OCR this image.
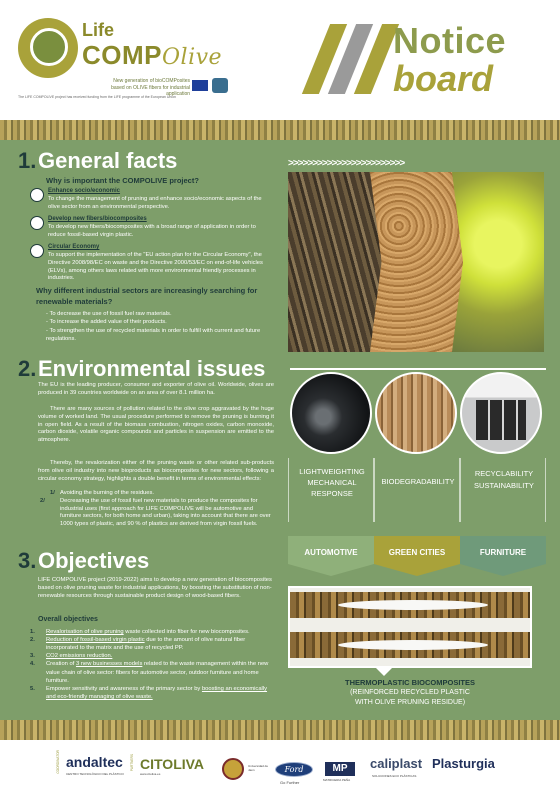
Life
COMPOlive
New generation of bioCOMPosites based on OLIVE fibers for industrial application
The LIFE COMPOLIVE project has received funding from the LIFE programme of the European Union
Notice
board
1. General facts
Why is important the COMPOLIVE project?
Enhance socio/economic
To change the management of pruning and enhance socio/economic aspects of the olive sector from an environmental perspective.
Develop new fibers/biocomposites
To develop new fibers/biocomposites with a broad range of application in order to reduce fossil-based virgin plastic.
Circular Economy
To support the implementation of the "EU action plan for the Circular Economy", the Directive 2008/98/EC on waste and the Directive 2000/53/EC on end-of-life vehicles (ELVs), among others laws related with more environmental friendly processes in industries.
Why different industrial sectors are increasingly searching for renewable materials?
- To decrease the use of fossil fuel raw materials.
- To increase the added value of their products.
- To strengthen the use of recycled materials in order to fulfill with current and future regulations.
>>>>>>>>>>>>>>>>>>>>>>>>
2. Environmental issues
The EU is the leading producer, consumer and exporter of olive oil. Worldwide, olives are produced in 39 countries worldwide on an area of over 8.1 million ha.
There are many sources of pollution related to the olive crop aggravated by the huge volume of worked land. The usual procedure performed to remove the pruning is burning it in open field. As a result of the biomass combustion, nitrogen oxides, carbon monoxide, carbon dioxide, volatile organic compounds and particles in suspension are emitted to the atmosphere.
Thereby, the revalorization either of the pruning waste or other related sub-products from olive oil industry into new bioproducts as biocomposites for new sectors, following a circular economy strategy, highlights a double benefit in terms of environmental effects:
1/ Avoiding the burning of the residues.
2/	Decreasing the use of fossil fuel new materials to produce the composites for industrial uses (first approach for LIFE COMPOLIVE will be automotive and furniture sectors, for both home and urban), taking into account that there are over 1000 types of plastic, and 90 % of plastics are derived from virgin fossil fuels.
LIGHTWEIGHTING
MECHANICAL
RESPONSE
BIODEGRADABILITY
RECYCLABILITY
SUSTAINABILITY
AUTOMOTIVE	GREEN CITIES	FURNITURE
3. Objectives
LIFE COMPOLIVE project (2019-2022) aims to develop a new generation of biocomposites based on olive pruning waste for industrial applications, by boosting the substitution of non-renewable resources through sustainable product design of wood-based fibers.
Overall objectives
1. Revalorisation of olive pruning waste collected into fiber for new biocomposites.
2. Reduction of fossil-based virgin plastic due to the amount of olive natural fiber incorporated to the matrix and the use of recycled PP.
3. CO2 emissions reduction.
4. Creation of 3 new businesses models related to the waste management within the new value chain of olive sector: fibers for automotive sector, outdoor furniture and home furniture.
5. Empower sensitivity and awareness of the primary sector by boosting an economically and eco-friendly managing of olive waste.
THERMOPLASTIC BIOCOMPOSITES
(REINFORCED RECYCLED PLASTIC
WITH OLIVE PRUNING RESIDUE)
COORDINATOR andaltec
CENTRO TECNOLÓGICO DEL PLÁSTICO
PARTNERS CITOLIVA
www.citoliva.es
Universidad de Jaén	Ford
Go Further
MP
MATRICERIA PEÑA
caliplast
SOLUCIONES ECO PLÁSTICAS
Plasturgia
